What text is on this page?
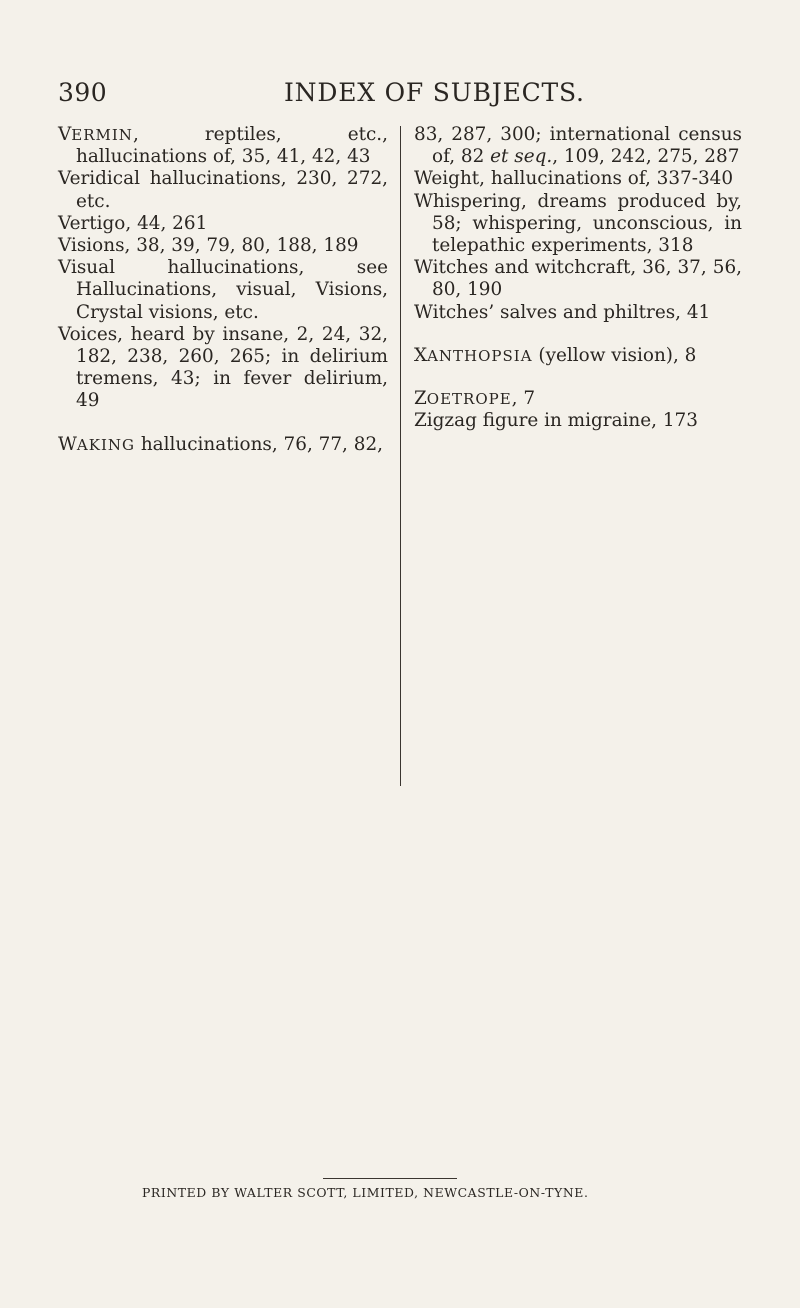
390	INDEX OF SUBJECTS.

VERMIN, reptiles, etc., hallucinations of, 35, 41, 42, 43

Veridical hallucinations, 230, 272, etc.

Vertigo, 44, 261

Visions, 38, 39, 79, 80, 188, 189

Visual hallucinations, see Hallucinations, visual, Visions, Crystal visions, etc.

Voices, heard by insane, 2, 24, 32, 182, 238, 260, 265; in delirium tremens, 43; in fever delirium, 49

WAKING hallucinations, 76, 77, 82,

83, 287, 300; international census of, 82 et seq., 109, 242, 275, 287

Weight, hallucinations of, 337-340

Whispering, dreams produced by, 58; whispering, unconscious, in telepathic experiments, 318

Witches and witchcraft, 36, 37, 56, 80, 190

Witches’ salves and philtres, 41

XANTHOPSIA (yellow vision), 8

ZOETROPE, 7

Zigzag figure in migraine, 173

PRINTED BY WALTER SCOTT, LIMITED, NEWCASTLE-ON-TYNE.
